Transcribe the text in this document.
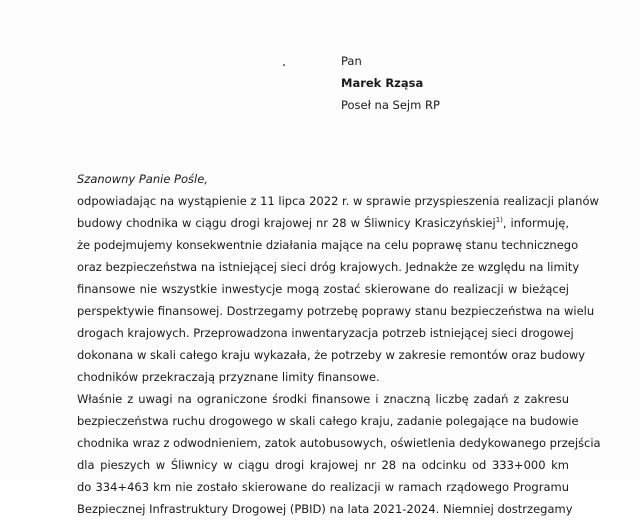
Pan
Marek Rząsa
Poseł na Sejm RP
Szanowny Panie Pośle,
odpowiadając na wystąpienie z 11 lipca 2022 r. w sprawie przyspieszenia realizacji planów
budowy chodnika w ciągu drogi krajowej nr 28 w Śliwnicy Krasiczyńskiej$^{1)}$, informuję,
że podejmujemy konsekwentnie działania mające na celu poprawę stanu technicznego
oraz bezpieczeństwa na istniejącej sieci dróg krajowych. Jednakże ze względu na limity
finansowe nie wszystkie inwestycje mogą zostać skierowane do realizacji w bieżącej
perspektywie finansowej. Dostrzegamy potrzebę poprawy stanu bezpieczeństwa na wielu
drogach krajowych. Przeprowadzona inwentaryzacja potrzeb istniejącej sieci drogowej
dokonana w skali całego kraju wykazała, że potrzeby w zakresie remontów oraz budowy
chodników przekraczają przyznane limity finansowe.
Właśnie z uwagi na ograniczone środki finansowe i znaczną liczbę zadań z zakresu
bezpieczeństwa ruchu drogowego w skali całego kraju, zadanie polegające na budowie
chodnika wraz z odwodnieniem, zatok autobusowych, oświetlenia dedykowanego przejścia
dla pieszych w Śliwnicy w ciągu drogi krajowej nr 28 na odcinku od 333+000 km
do 334+463 km nie zostało skierowane do realizacji w ramach rządowego Programu
Bezpiecznej Infrastruktury Drogowej (PBID) na lata 2021-2024. Niemniej dostrzegamy
